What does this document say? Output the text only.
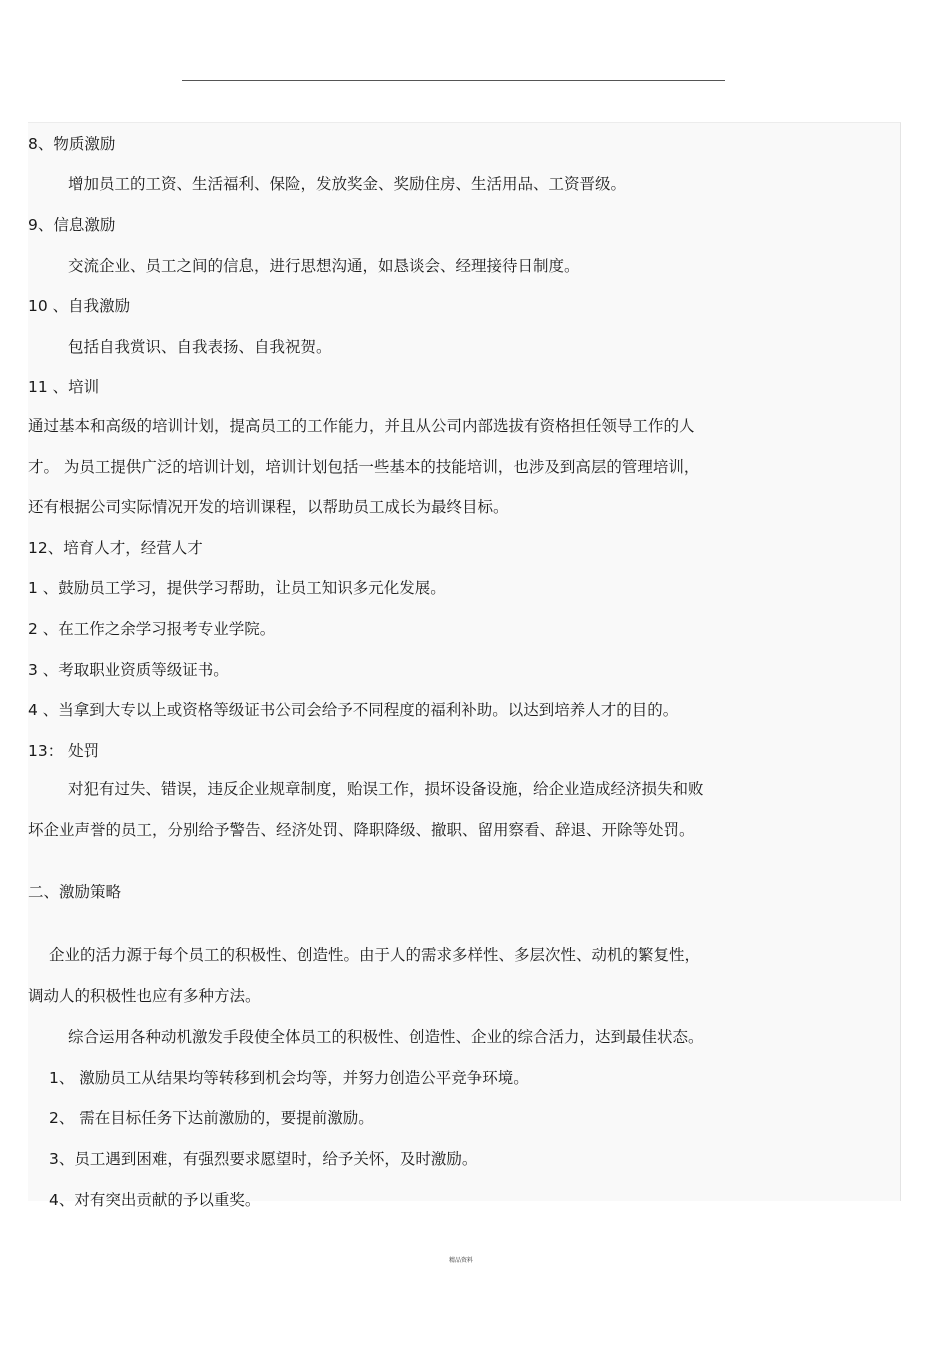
8、物质激励
增加员工的工资、生活福利、保险，发放奖金、奖励住房、生活用品、工资晋级。
9、信息激励
交流企业、员工之间的信息，进行思想沟通，如恳谈会、经理接待日制度。
10 、自我激励
包括自我赏识、自我表扬、自我祝贺。
11 、培训
通过基本和高级的培训计划，提高员工的工作能力，并且从公司内部选拔有资格担任领导工作的人
才。 为员工提供广泛的培训计划，培训计划包括一些基本的技能培训，也涉及到高层的管理培训，
还有根据公司实际情况开发的培训课程，以帮助员工成长为最终目标。
12、培育人才，经营人才
1 、鼓励员工学习，提供学习帮助，让员工知识多元化发展。
2 、在工作之余学习报考专业学院。
3 、考取职业资质等级证书。
4 、当拿到大专以上或资格等级证书公司会给予不同程度的福利补助。以达到培养人才的目的。
13： 处罚
对犯有过失、错误，违反企业规章制度，贻误工作，损坏设备设施，给企业造成经济损失和败
坏企业声誉的员工，分别给予警告、经济处罚、降职降级、撤职、留用察看、辞退、开除等处罚。
二、激励策略
企业的活力源于每个员工的积极性、创造性。由于人的需求多样性、多层次性、动机的繁复性，
调动人的积极性也应有多种方法。
综合运用各种动机激发手段使全体员工的积极性、创造性、企业的综合活力，达到最佳状态。
1、 激励员工从结果均等转移到机会均等，并努力创造公平竞争环境。
2、 需在目标任务下达前激励的，要提前激励。
3、员工遇到困难，有强烈要求愿望时，给予关怀，及时激励。
4、对有突出贡献的予以重奖。
精品资料
